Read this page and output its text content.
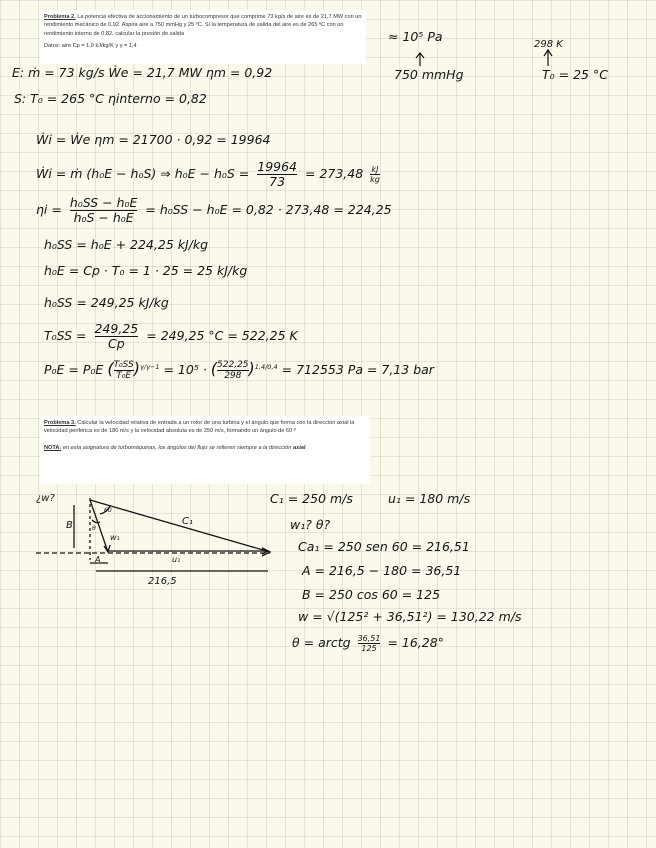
Problema 2. La potencia efectiva de accionamiento de un turbocompresor que comprime 73 kg/s de aire es de 21,7 MW con un rendimiento mecánico de 0,92. Aspira aire a 750 mmHg y 25 ºC. Si la temperatura de salida del aire es de 265 ºC con un rendimiento interno de 0,82, calcular la presión de salida

Datos: aire Cp = 1,0 kJ/kg/K y γ = 1,4

Problema 3. Calcular la velocidad relativa de entrada a un rotor de una turbina y el ángulo que forma con la dirección axial la velocidad periférica es de 180 m/s y la velocidad absoluta es de 250 m/s, formando un ángulo de 60 º

NOTA: en esta asignatura de turbomáquinas, los ángulos del flujo se refieren siempre a la dirección axial

≈ 10⁵ Pa
298 K
E: ṁ = 73 kg/s Ẇe = 21,7 MW ηm = 0,92	750 mmHg	T₀ = 25 °C
S: T₀ = 265 °C ηinterno = 0,82
Ẇi = Ẇe ηm = 21700 · 0,92 = 19964
Ẇi = ṁ (h₀E − h₀S) ⇒ $h_0E - h_0S = \frac{19964}{73} = 273,48 \frac{kJ}{kg}$
$\eta i = \frac{\text{h₀SS − h₀E}}{\text{h₀S − h₀E}} = h_0SS - h_0E = 0,82 \cdot 273,48 = 224,25$
h₀SS = h₀E + 224,25 kJ/kg
h₀E = Cp · T₀ = 1 · 25 = 25 kJ/kg
h₀SS = 249,25 kJ/kg
$T_0SS = \frac{249,25}{Cp} = 249,25$ °C = 522,25 K
P₀E = P₀E ( $\frac{\text{T₀SS}}{\text{T₀E}} )^{\gamma/\gamma-1} = 10^5$ · ( $\frac{522,25}{298} )^{1,4/0,4} = 712553$ Pa = 7,13 bar
¿w?	C₁ = 250 m/s	u₁ = 180 m/s
w₁? θ?
Ca₁ = 250 sen 60 = 216,51
A = 216,5 − 180 = 36,51
B = 250 cos 60 = 125
w = √(125² + 36,51²) = 130,22 m/s
θ = arctg $\frac{36,51}{125} = 16,28^\circ$
B	C₁
w₁
u₁
A
216,5
60
θ
